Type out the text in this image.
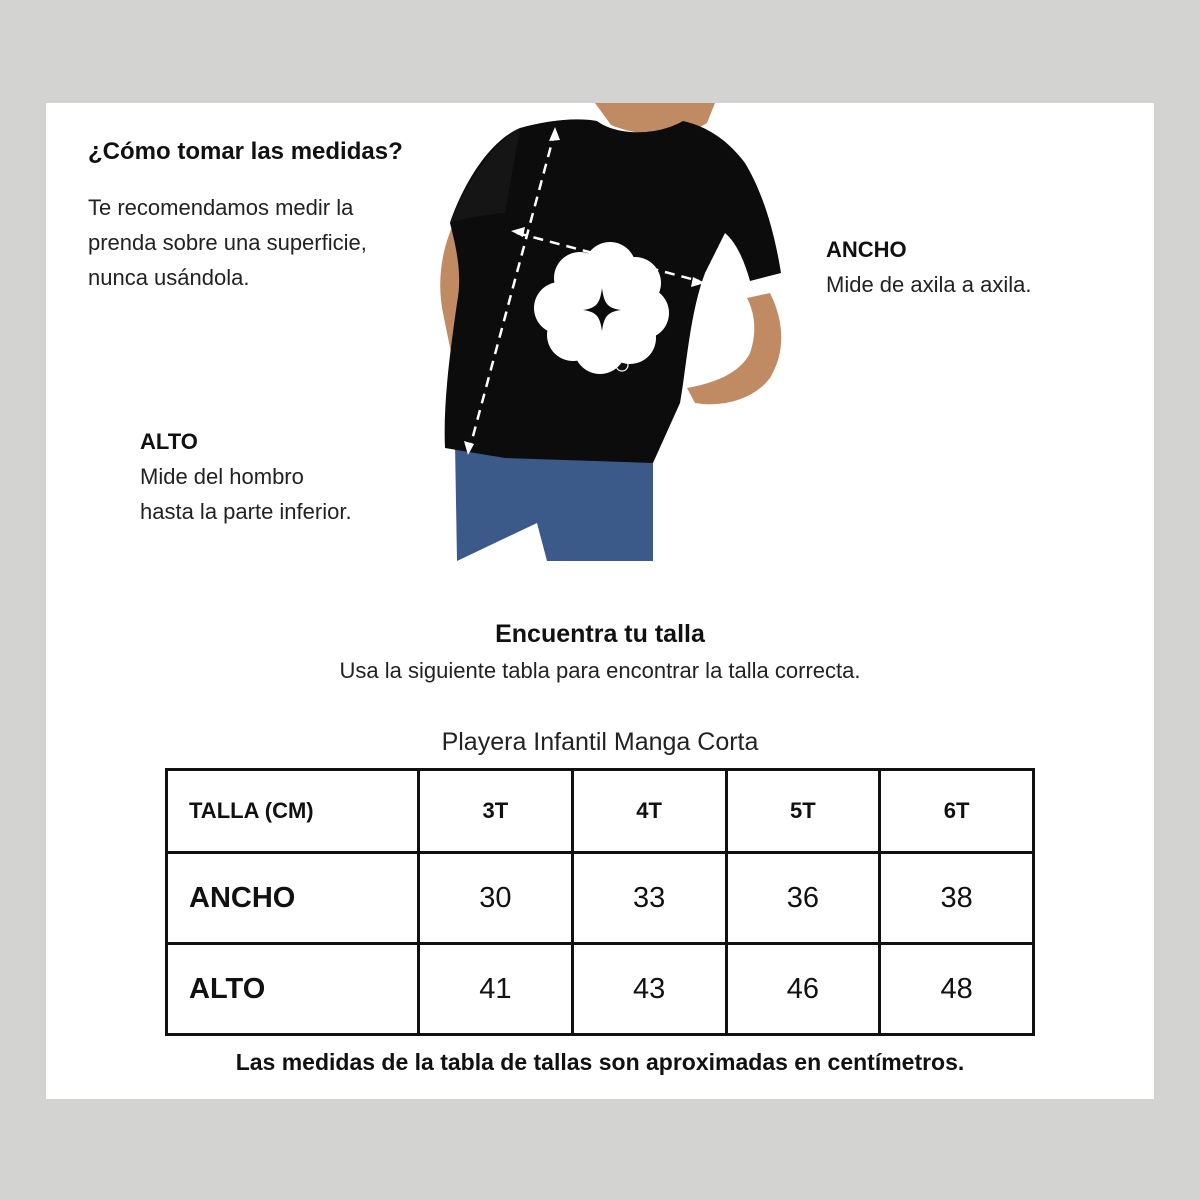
¿Cómo tomar las medidas?
Te recomendamos medir la
prenda sobre una superficie,
nunca usándola.
ANCHO
Mide de axila a axila.
ALTO
Mide del hombro
hasta la parte inferior.
Encuentra tu talla
Usa la siguiente tabla para encontrar la talla correcta.
Playera Infantil Manga Corta
TALLA (CM)	3T	4T	5T	6T
ANCHO	30	33	36	38
ALTO	41	43	46	48
Las medidas de la tabla de tallas son aproximadas en centímetros.
